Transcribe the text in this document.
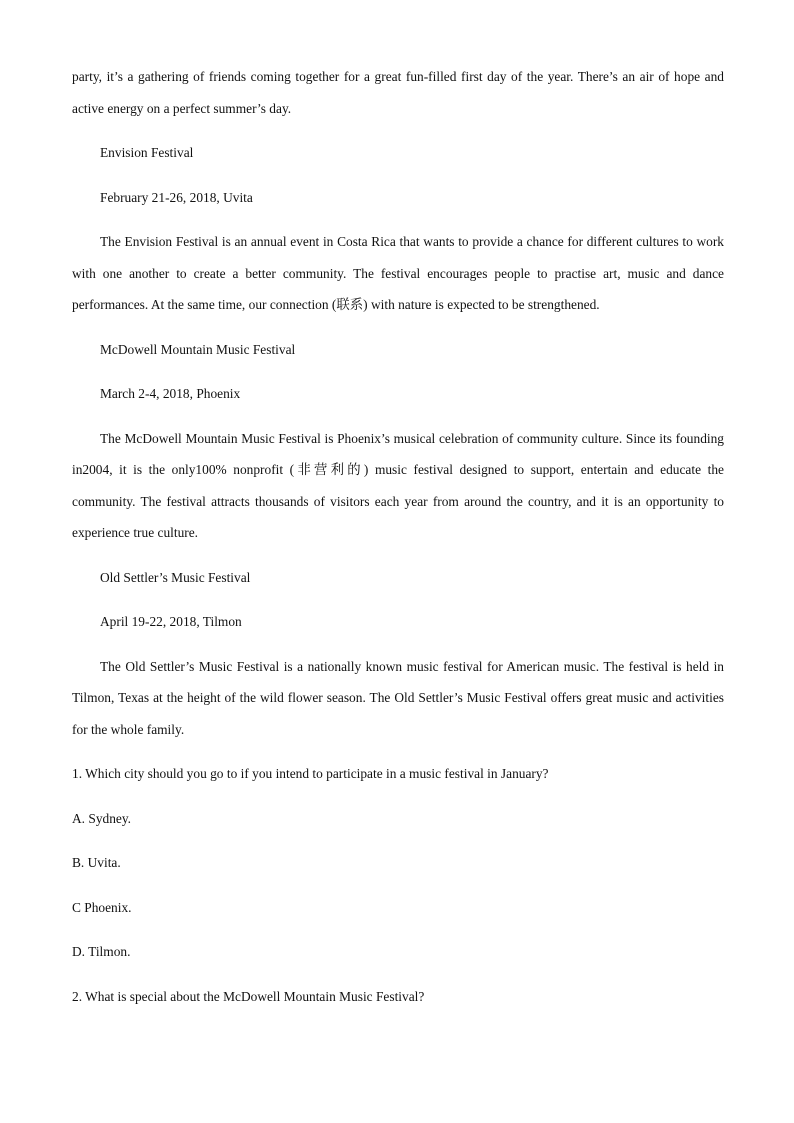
party, it’s a gathering of friends coming together for a great fun-filled first day of the year. There’s an air of hope and active energy on a perfect summer’s day.

Envision Festival

February 21-26, 2018, Uvita

The Envision Festival is an annual event in Costa Rica that wants to provide a chance for different cultures to work with one another to create a better community. The festival encourages people to practise art, music and dance performances. At the same time, our connection (联系) with nature is expected to be strengthened.

McDowell Mountain Music Festival

March 2-4, 2018, Phoenix

The McDowell Mountain Music Festival is Phoenix’s musical celebration of community culture. Since its founding in2004, it is the only100% nonprofit (非营利的) music festival designed to support, entertain and educate the community. The festival attracts thousands of visitors each year from around the country, and it is an opportunity to experience true culture.

Old Settler’s Music Festival

April 19-22, 2018, Tilmon

The Old Settler’s Music Festival is a nationally known music festival for American music. The festival is held in Tilmon, Texas at the height of the wild flower season. The Old Settler’s Music Festival offers great music and activities for the whole family.

1. Which city should you go to if you intend to participate in a music festival in January?

A. Sydney.

B. Uvita.

C Phoenix.

D. Tilmon.

2. What is special about the McDowell Mountain Music Festival?
